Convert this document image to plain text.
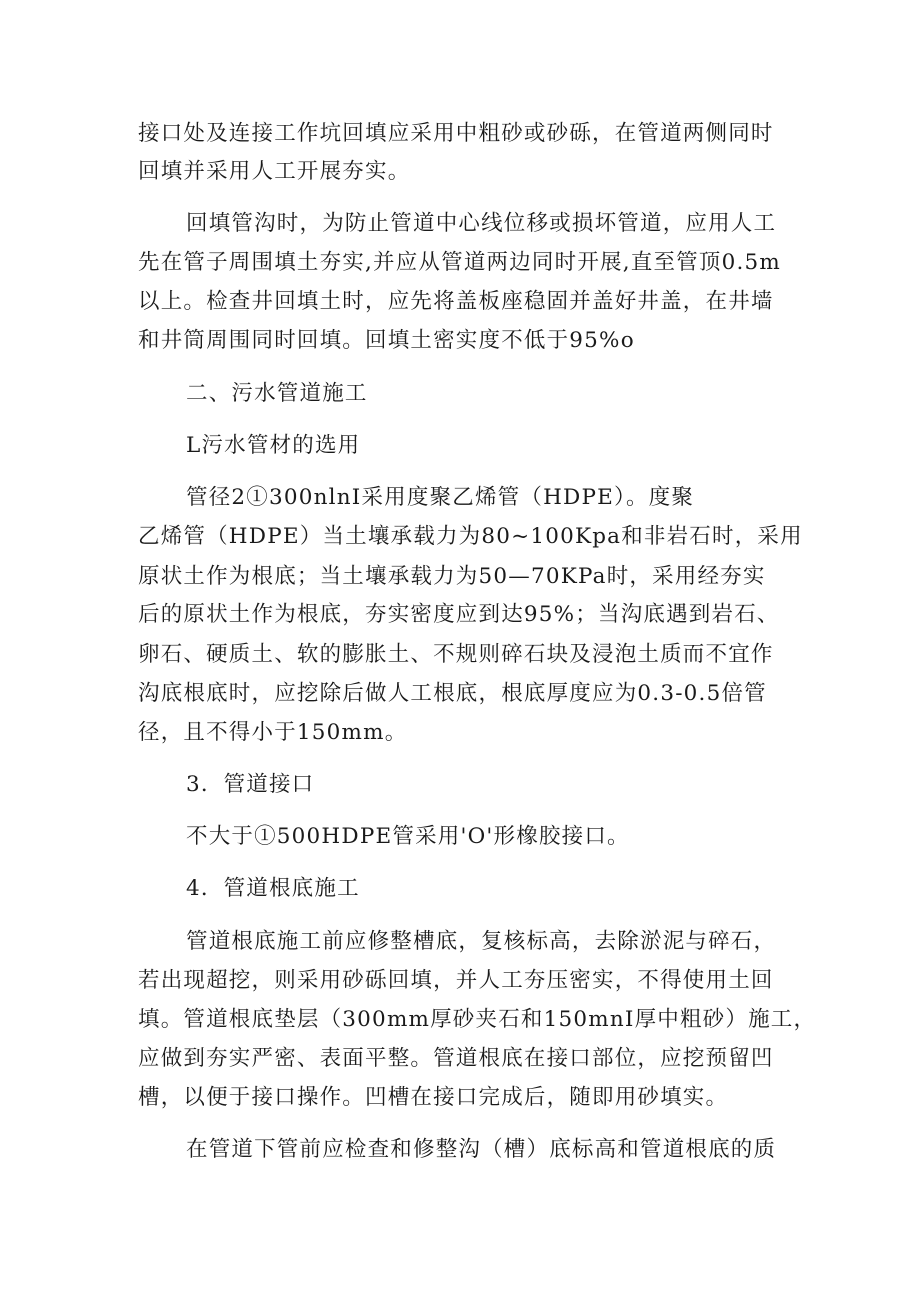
接口处及连接工作坑回填应采用中粗砂或砂砾，在管道两侧同时
回填并采用人工开展夯实。
回填管沟时，为防止管道中心线位移或损坏管道，应用人工
先在管子周围填土夯实,并应从管道两边同时开展,直至管顶0.5m
以上。检查井回填土时，应先将盖板座稳固并盖好井盖，在井墙
和井筒周围同时回填。回填土密实度不低于95%o
二、污水管道施工
L污水管材的选用
管径2①300nlnI采用度聚乙烯管（HDPE）。度聚
乙烯管（HDPE）当土壤承载力为80~100Kpa和非岩石时，采用
原状土作为根底；当土壤承载力为50—70KPa时，采用经夯实
后的原状土作为根底，夯实密度应到达95%；当沟底遇到岩石、
卵石、硬质土、软的膨胀土、不规则碎石块及浸泡土质而不宜作
沟底根底时，应挖除后做人工根底，根底厚度应为0.3-0.5倍管
径，且不得小于150mm。
3．管道接口
不大于①500HDPE管采用'O'形橡胶接口。
4．管道根底施工
管道根底施工前应修整槽底，复核标高，去除淤泥与碎石，
若出现超挖，则采用砂砾回填，并人工夯压密实，不得使用土回
填。管道根底垫层（300mm厚砂夹石和150mnI厚中粗砂）施工，
应做到夯实严密、表面平整。管道根底在接口部位，应挖预留凹
槽，以便于接口操作。凹槽在接口完成后，随即用砂填实。
在管道下管前应检查和修整沟（槽）底标高和管道根底的质
